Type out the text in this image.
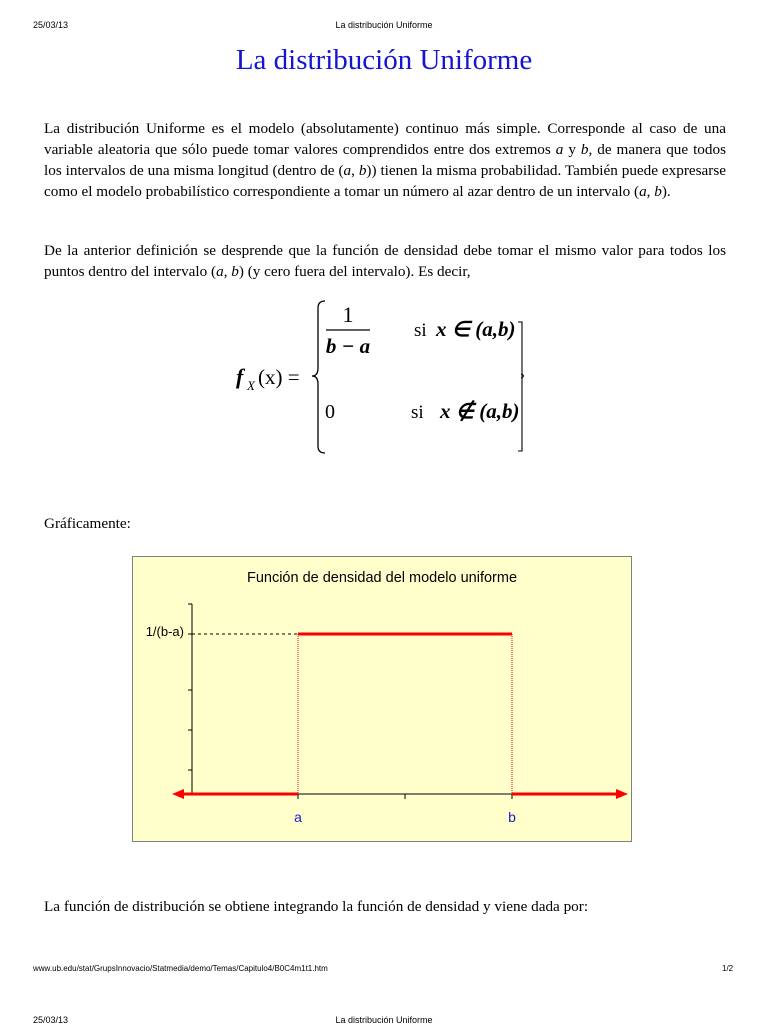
25/03/13	La distribución Uniforme
La distribución Uniforme
La distribución Uniforme es el modelo (absolutamente) continuo más simple. Corresponde al caso de una variable aleatoria que sólo puede tomar valores comprendidos entre dos extremos a y b, de manera que todos los intervalos de una misma longitud (dentro de (a, b)) tienen la misma probabilidad. También puede expresarse como el modelo probabilístico correspondiente a tomar un número al azar dentro de un intervalo (a, b).
De la anterior definición se desprende que la función de densidad debe tomar el mismo valor para todos los puntos dentro del intervalo (a, b) (y cero fuera del intervalo). Es decir,
f X (x) =
1
b − a
si x ∈ (a,b)
0	si x ∉ (a,b)
Gráficamente:
Función de densidad del modelo uniforme
1/(b-a)
a	b
La función de distribución se obtiene integrando la función de densidad y viene dada por:
www.ub.edu/stat/GrupsInnovacio/Statmedia/demo/Temas/Capitulo4/B0C4m1t1.htm	1/2
25/03/13	La distribución Uniforme
